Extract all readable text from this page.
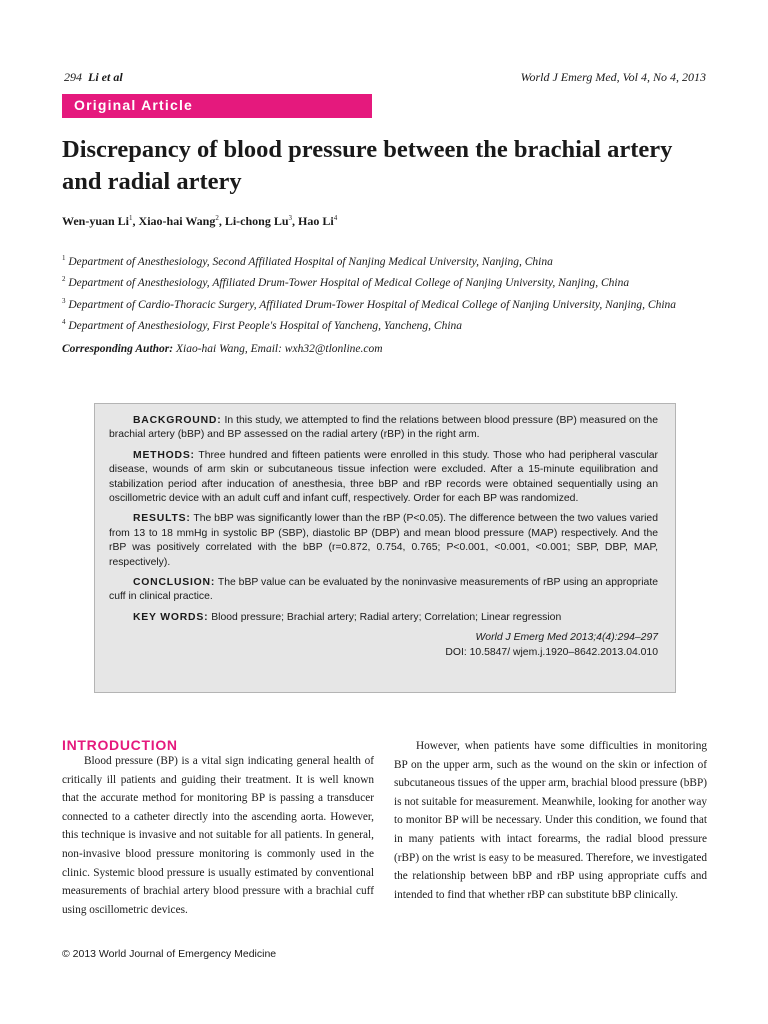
294 Li et al	World J Emerg Med, Vol 4, No 4, 2013
Original Article
Discrepancy of blood pressure between the brachial artery and radial artery
Wen-yuan Li$^1$, Xiao-hai Wang$^2$, Li-chong Lu$^3$, Hao Li$^4$

$^1$ Department of Anesthesiology, Second Affiliated Hospital of Nanjing Medical University, Nanjing, China

$^2$ Department of Anesthesiology, Affiliated Drum-Tower Hospital of Medical College of Nanjing University, Nanjing, China

$^3$ Department of Cardio-Thoracic Surgery, Affiliated Drum-Tower Hospital of Medical College of Nanjing University, Nanjing, China

$^4$ Department of Anesthesiology, First People's Hospital of Yancheng, Yancheng, China

Corresponding Author: Xiao-hai Wang, Email: wxh32@tlonline.com

BACKGROUND: In this study, we attempted to find the relations between blood pressure (BP) measured on the brachial artery (bBP) and BP assessed on the radial artery (rBP) in the right arm.

METHODS: Three hundred and fifteen patients were enrolled in this study. Those who had peripheral vascular disease, wounds of arm skin or subcutaneous tissue infection were excluded. After a 15-minute equilibration and stabilization period after inducation of anesthesia, three bBP and rBP records were obtained sequentially using an oscillometric device with an adult cuff and infant cuff, respectively. Order for each BP was randomized.

RESULTS: The bBP was significantly lower than the rBP (P<0.05). The difference between the two values varied from 13 to 18 mmHg in systolic BP (SBP), diastolic BP (DBP) and mean blood pressure (MAP) respectively. And the rBP was positively correlated with the bBP (r=0.872, 0.754, 0.765; P<0.001, <0.001, <0.001; SBP, DBP, MAP, respectively).

CONCLUSION: The bBP value can be evaluated by the noninvasive measurements of rBP using an appropriate cuff in clinical practice.

KEY WORDS: Blood pressure; Brachial artery; Radial artery; Correlation; Linear regression

World J Emerg Med 2013;4(4):294–297

DOI: 10.5847/ wjem.j.1920–8642.2013.04.010

INTRODUCTION

Blood pressure (BP) is a vital sign indicating general health of critically ill patients and guiding their treatment. It is well known that the accurate method for monitoring BP is passing a transducer connected to a catheter directly into the ascending aorta. However, this technique is invasive and not suitable for all patients. In general, non-invasive blood pressure monitoring is commonly used in the clinic. Systemic blood pressure is usually estimated by conventional measurements of brachial artery blood pressure with a brachial cuff using oscillometric devices.

However, when patients have some difficulties in monitoring BP on the upper arm, such as the wound on the skin or infection of subcutaneous tissues of the upper arm, brachial blood pressure (bBP) is not suitable for measurement. Meanwhile, looking for another way to monitor BP will be necessary. Under this condition, we found that in many patients with intact forearms, the radial blood pressure (rBP) on the wrist is easy to be measured. Therefore, we investigated the relationship between bBP and rBP using appropriate cuffs and intended to find that whether rBP can substitute bBP clinically.

© 2013 World Journal of Emergency Medicine
